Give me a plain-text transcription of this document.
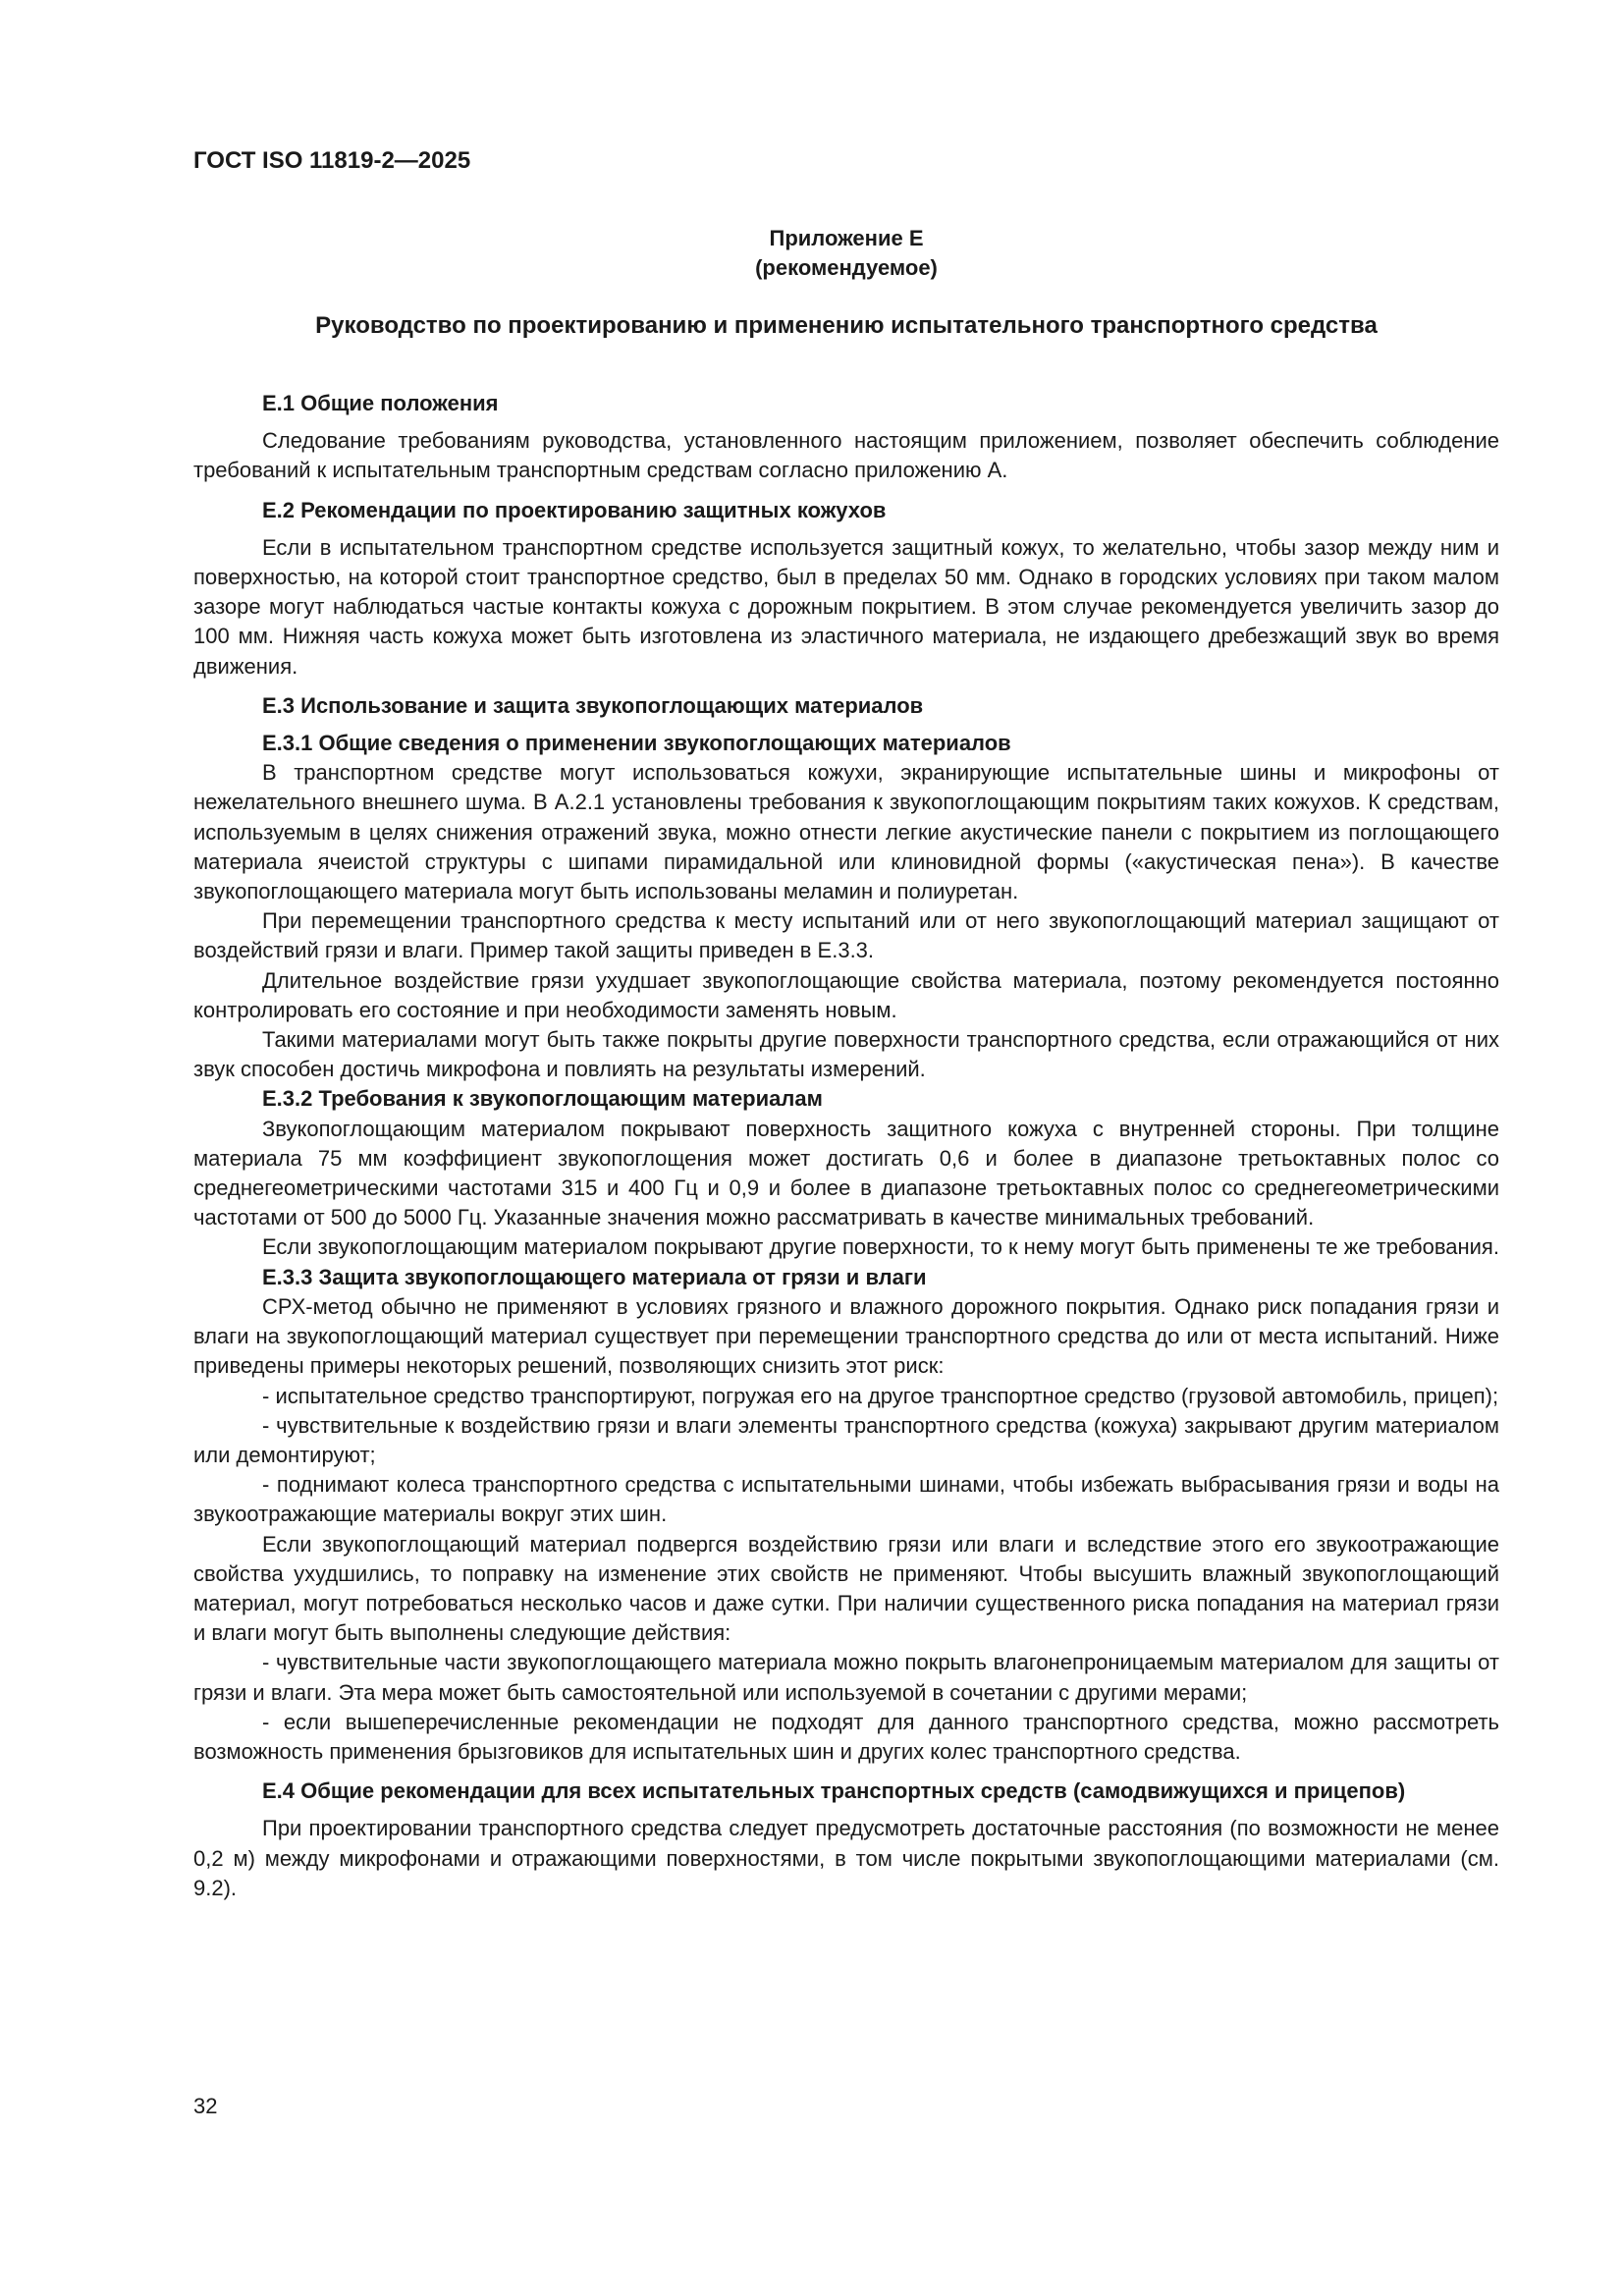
ГОСТ ISO 11819-2—2025
Приложение Е
(рекомендуемое)
Руководство по проектированию и применению испытательного транспортного средства
Е.1 Общие положения

Следование требованиям руководства, установленного настоящим приложением, позволяет обеспечить соблюдение требований к испытательным транспортным средствам согласно приложению А.

Е.2 Рекомендации по проектированию защитных кожухов

Если в испытательном транспортном средстве используется защитный кожух, то желательно, чтобы зазор между ним и поверхностью, на которой стоит транспортное средство, был в пределах 50 мм. Однако в городских условиях при таком малом зазоре могут наблюдаться частые контакты кожуха с дорожным покрытием. В этом случае рекомендуется увеличить зазор до 100 мм. Нижняя часть кожуха может быть изготовлена из эластичного материала, не издающего дребезжащий звук во время движения.

Е.3 Использование и защита звукопоглощающих материалов
Е.3.1 Общие сведения о применении звукопоглощающих материалов

В транспортном средстве могут использоваться кожухи, экранирующие испытательные шины и микрофоны от нежелательного внешнего шума. В А.2.1 установлены требования к звукопоглощающим покрытиям таких кожухов. К средствам, используемым в целях снижения отражений звука, можно отнести легкие акустические панели с покрытием из поглощающего материала ячеистой структуры с шипами пирамидальной или клиновидной формы («акустическая пена»). В качестве звукопоглощающего материала могут быть использованы меламин и полиуретан.

При перемещении транспортного средства к месту испытаний или от него звукопоглощающий материал защищают от воздействий грязи и влаги. Пример такой защиты приведен в Е.3.3.

Длительное воздействие грязи ухудшает звукопоглощающие свойства материала, поэтому рекомендуется постоянно контролировать его состояние и при необходимости заменять новым.

Такими материалами могут быть также покрыты другие поверхности транспортного средства, если отражающийся от них звук способен достичь микрофона и повлиять на результаты измерений.

Е.3.2 Требования к звукопоглощающим материалам

Звукопоглощающим материалом покрывают поверхность защитного кожуха с внутренней стороны. При толщине материала 75 мм коэффициент звукопоглощения может достигать 0,6 и более в диапазоне третьоктавных полос со среднегеометрическими частотами 315 и 400 Гц и 0,9 и более в диапазоне третьоктавных полос со среднегеометрическими частотами от 500 до 5000 Гц. Указанные значения можно рассматривать в качестве минимальных требований.

Если звукопоглощающим материалом покрывают другие поверхности, то к нему могут быть применены те же требования.

Е.3.3 Защита звукопоглощающего материала от грязи и влаги

СРХ-метод обычно не применяют в условиях грязного и влажного дорожного покрытия. Однако риск попадания грязи и влаги на звукопоглощающий материал существует при перемещении транспортного средства до или от места испытаний. Ниже приведены примеры некоторых решений, позволяющих снизить этот риск:

- испытательное средство транспортируют, погружая его на другое транспортное средство (грузовой автомобиль, прицеп);

- чувствительные к воздействию грязи и влаги элементы транспортного средства (кожуха) закрывают другим материалом или демонтируют;

- поднимают колеса транспортного средства с испытательными шинами, чтобы избежать выбрасывания грязи и воды на звукоотражающие материалы вокруг этих шин.

Если звукопоглощающий материал подвергся воздействию грязи или влаги и вследствие этого его звукоотражающие свойства ухудшились, то поправку на изменение этих свойств не применяют. Чтобы высушить влажный звукопоглощающий материал, могут потребоваться несколько часов и даже сутки. При наличии существенного риска попадания на материал грязи и влаги могут быть выполнены следующие действия:

- чувствительные части звукопоглощающего материала можно покрыть влагонепроницаемым материалом для защиты от грязи и влаги. Эта мера может быть самостоятельной или используемой в сочетании с другими мерами;

- если вышеперечисленные рекомендации не подходят для данного транспортного средства, можно рассмотреть возможность применения брызговиков для испытательных шин и других колес транспортного средства.

Е.4 Общие рекомендации для всех испытательных транспортных средств (самодвижущихся и прицепов)

При проектировании транспортного средства следует предусмотреть достаточные расстояния (по возможности не менее 0,2 м) между микрофонами и отражающими поверхностями, в том числе покрытыми звукопоглощающими материалами (см. 9.2).

32
